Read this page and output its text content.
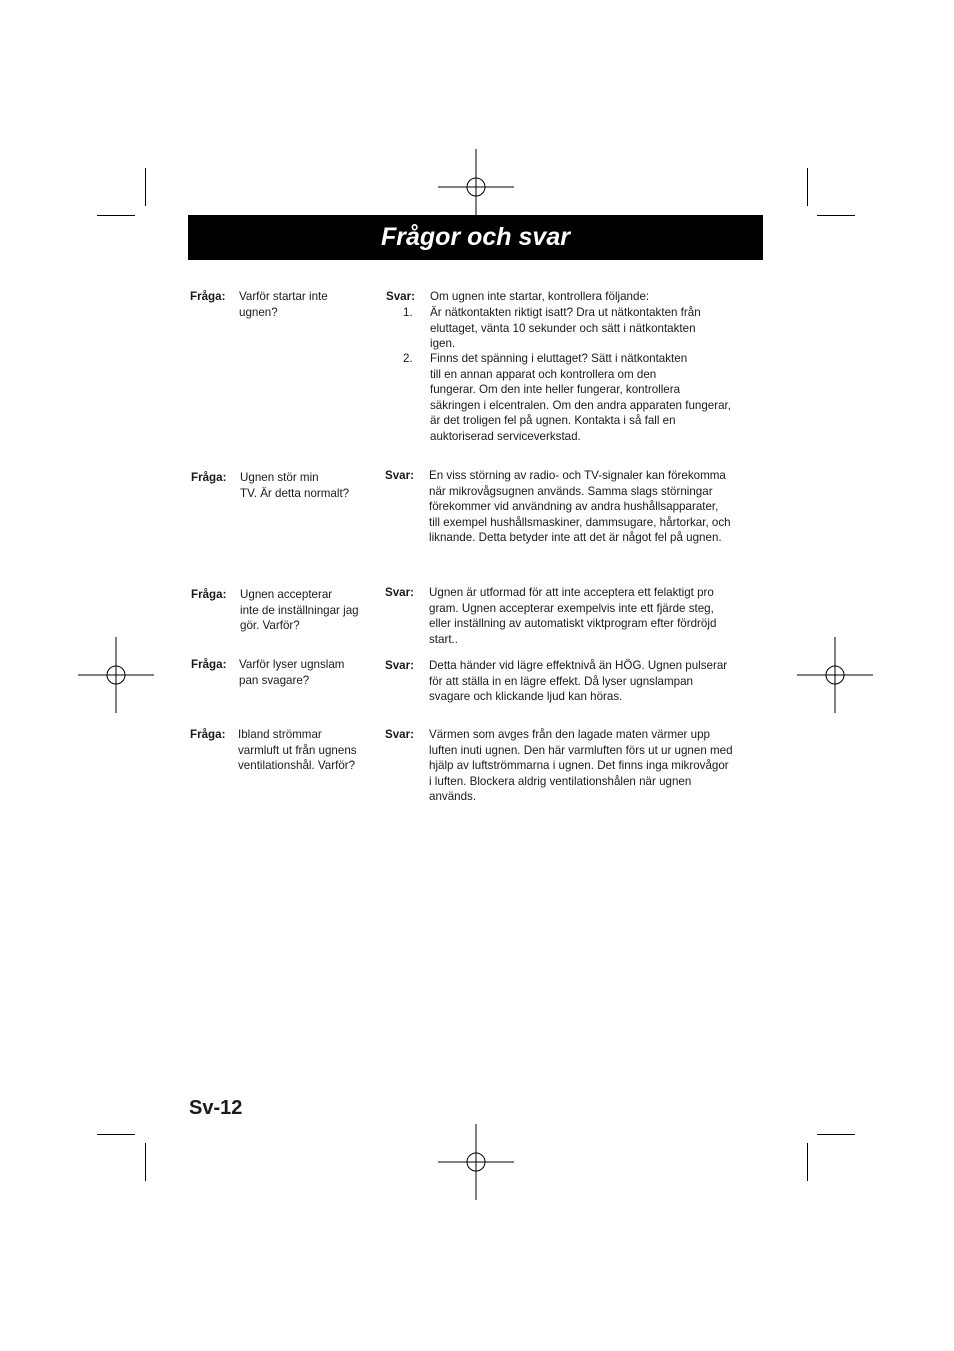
Frågor och svar
Fråga: Varför startar inte
ugnen?
Svar: Om ugnen inte startar, kontrollera följande:
1. Är nätkontakten riktigt isatt? Dra ut nätkontakten från
eluttaget, vänta 10 sekunder och sätt i nätkontakten
igen.
2. Finns det spänning i eluttaget? Sätt i nätkontakten
till en annan apparat och kontrollera om den
fungerar. Om den inte heller fungerar, kontrollera
säkringen i elcentralen. Om den andra apparaten fungerar,
är det troligen fel på ugnen. Kontakta i så fall en
auktoriserad serviceverkstad.
Fråga: Ugnen stör min
TV. Är detta normalt?
Svar: En viss störning av radio- och TV-signaler kan förekomma
när mikrovågsugnen används. Samma slags störningar
förekommer vid användning av andra hushållsapparater,
till exempel hushållsmaskiner, dammsugare, hårtorkar, och
liknande. Detta betyder inte att det är något fel på ugnen.
Fråga: Ugnen accepterar
inte de inställningar jag
gör. Varför?
Svar: Ugnen är utformad för att inte acceptera ett felaktigt pro
gram. Ugnen accepterar exempelvis inte ett fjärde steg,
eller inställning av automatiskt viktprogram efter fördröjd
start..
Fråga: Varför lyser ugnslam
pan svagare?
Svar: Detta händer vid lägre effektnivå än HÖG. Ugnen pulserar
för att ställa in en lägre effekt. Då lyser ugnslampan
svagare och klickande ljud kan höras.
Fråga: Ibland strömmar
varmluft ut från ugnens
ventilationshål. Varför?
Svar: Värmen som avges från den lagade maten värmer upp
luften inuti ugnen. Den här varmluften förs ut ur ugnen med
hjälp av luftströmmarna i ugnen. Det finns inga mikrovågor
i luften. Blockera aldrig ventilationshålen när ugnen
används.
Sv-12
